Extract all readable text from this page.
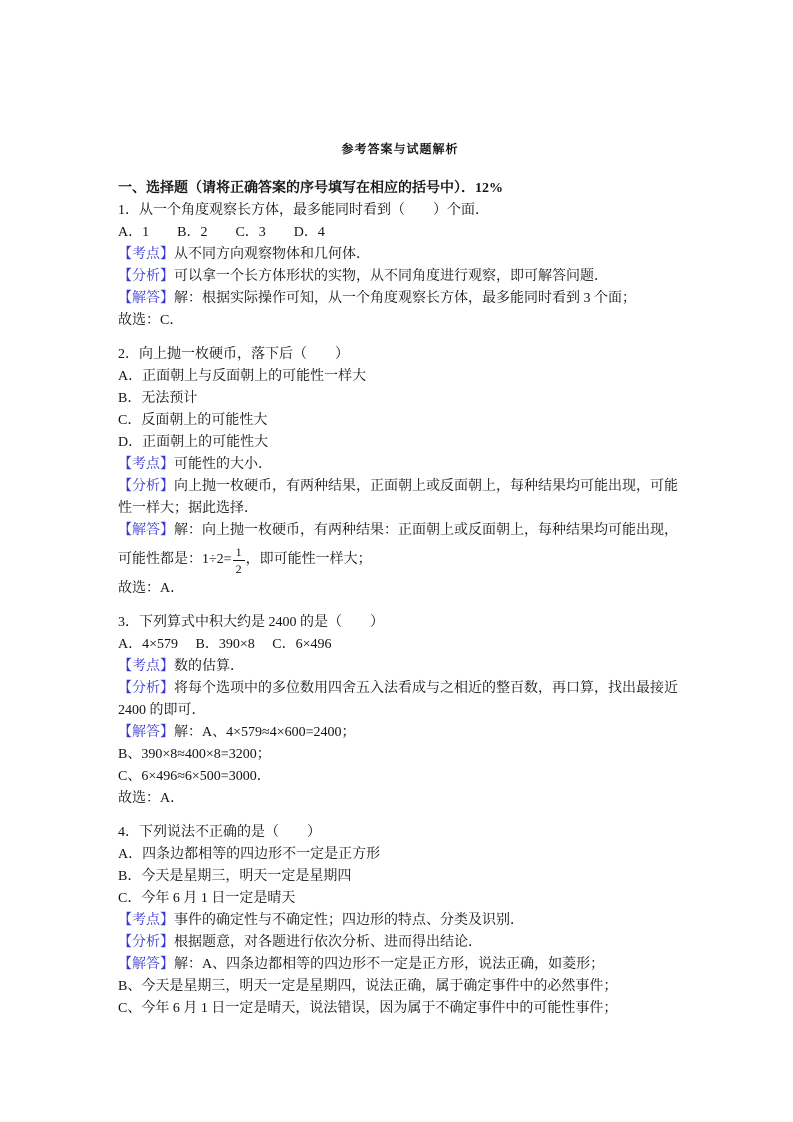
参考答案与试题解析
一、选择题（请将正确答案的序号填写在相应的括号中）．12%
1．从一个角度观察长方体，最多能同时看到（　　）个面．
A．1　　B．2　　C．3　　D．4
【考点】从不同方向观察物体和几何体．
【分析】可以拿一个长方体形状的实物，从不同角度进行观察，即可解答问题．
【解答】解：根据实际操作可知，从一个角度观察长方体，最多能同时看到 3 个面；
故选：C．
2．向上抛一枚硬币，落下后（　　）
A．正面朝上与反面朝上的可能性一样大
B．无法预计
C．反面朝上的可能性大
D．正面朝上的可能性大
【考点】可能性的大小．
【分析】向上抛一枚硬币，有两种结果，正面朝上或反面朝上，每种结果均可能出现，可能
性一样大；据此选择．
【解答】解：向上抛一枚硬币，有两种结果：正面朝上或反面朝上，每种结果均可能出现，
可能性都是：$1\div 2= \frac{1}{2}$ ，即可能性一样大；
故选：A．
3．下列算式中积大约是 2400 的是（　　）
A．4×579　 B．390×8　 C．6×496
【考点】数的估算．
【分析】将每个选项中的多位数用四舍五入法看成与之相近的整百数，再口算，找出最接近
2400 的即可．
【解答】解：A、4×579≈4×600=2400；
B、390×8≈400×8=3200；
C、6×496≈6×500=3000．
故选：A．
4．下列说法不正确的是（　　）
A．四条边都相等的四边形不一定是正方形
B．今天是星期三，明天一定是星期四
C．今年 6 月 1 日一定是晴天
【考点】事件的确定性与不确定性；四边形的特点、分类及识别．
【分析】根据题意，对各题进行依次分析、进而得出结论．
【解答】解：A、四条边都相等的四边形不一定是正方形，说法正确，如菱形；
B、今天是星期三，明天一定是星期四，说法正确，属于确定事件中的必然事件；
C、今年 6 月 1 日一定是晴天，说法错误，因为属于不确定事件中的可能性事件；
